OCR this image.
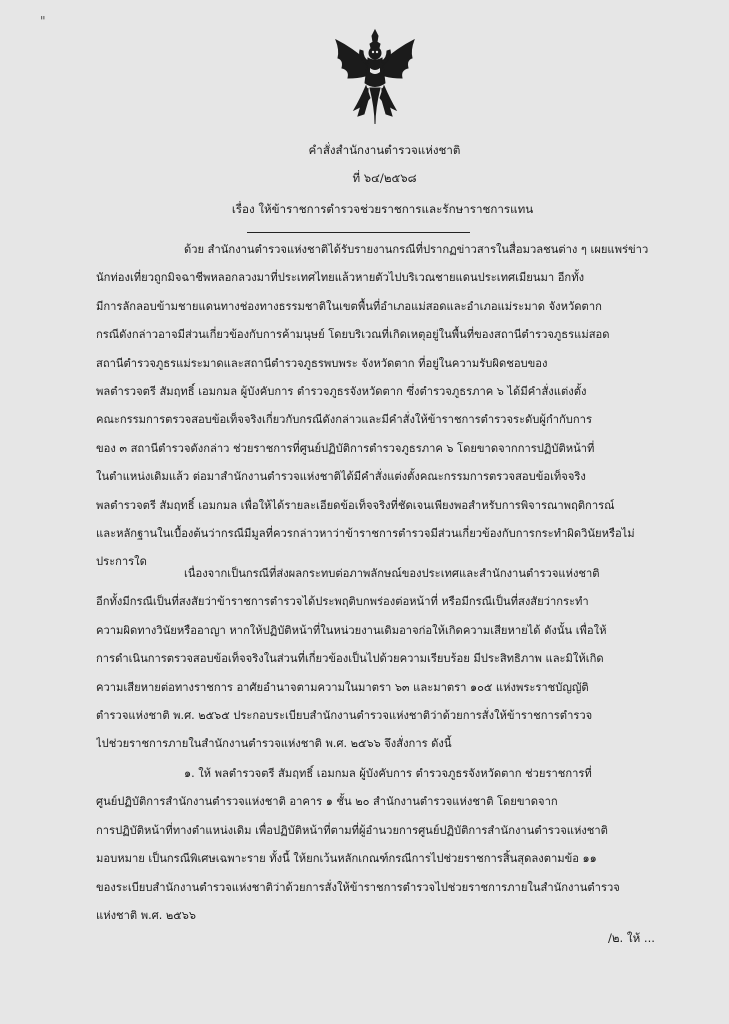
"
คำสั่งสำนักงานตำรวจแห่งชาติ
ที่ ๖๔/๒๕๖๘
เรื่อง ให้ข้าราชการตำรวจช่วยราชการและรักษาราชการแทน
ด้วย สำนักงานตำรวจแห่งชาติได้รับรายงานกรณีที่ปรากฏข่าวสารในสื่อมวลชนต่าง ๆ เผยแพร่ข่าว
นักท่องเที่ยวถูกมิจฉาชีพหลอกลวงมาที่ประเทศไทยแล้วหายตัวไปบริเวณชายแดนประเทศเมียนมา อีกทั้ง
มีการลักลอบข้ามชายแดนทางช่องทางธรรมชาติในเขตพื้นที่อำเภอแม่สอดและอำเภอแม่ระมาด จังหวัดตาก
กรณีดังกล่าวอาจมีส่วนเกี่ยวข้องกับการค้ามนุษย์ โดยบริเวณที่เกิดเหตุอยู่ในพื้นที่ของสถานีตำรวจภูธรแม่สอด
สถานีตำรวจภูธรแม่ระมาดและสถานีตำรวจภูธรพบพระ จังหวัดตาก ที่อยู่ในความรับผิดชอบของ
พลตำรวจตรี สัมฤทธิ์ เอมกมล ผู้บังคับการ ตำรวจภูธรจังหวัดตาก ซึ่งตำรวจภูธรภาค ๖ ได้มีคำสั่งแต่งตั้ง
คณะกรรมการตรวจสอบข้อเท็จจริงเกี่ยวกับกรณีดังกล่าวและมีคำสั่งให้ข้าราชการตำรวจระดับผู้กำกับการ
ของ ๓ สถานีตำรวจดังกล่าว ช่วยราชการที่ศูนย์ปฏิบัติการตำรวจภูธรภาค ๖ โดยขาดจากการปฏิบัติหน้าที่
ในตำแหน่งเดิมแล้ว ต่อมาสำนักงานตำรวจแห่งชาติได้มีคำสั่งแต่งตั้งคณะกรรมการตรวจสอบข้อเท็จจริง
พลตำรวจตรี สัมฤทธิ์ เอมกมล เพื่อให้ได้รายละเอียดข้อเท็จจริงที่ชัดเจนเพียงพอสำหรับการพิจารณาพฤติการณ์
และหลักฐานในเบื้องต้นว่ากรณีมีมูลที่ควรกล่าวหาว่าข้าราชการตำรวจมีส่วนเกี่ยวข้องกับการกระทำผิดวินัยหรือไม่
ประการใด
เนื่องจากเป็นกรณีที่ส่งผลกระทบต่อภาพลักษณ์ของประเทศและสำนักงานตำรวจแห่งชาติ
อีกทั้งมีกรณีเป็นที่สงสัยว่าข้าราชการตำรวจได้ประพฤติบกพร่องต่อหน้าที่ หรือมีกรณีเป็นที่สงสัยว่ากระทำ
ความผิดทางวินัยหรืออาญา หากให้ปฏิบัติหน้าที่ในหน่วยงานเดิมอาจก่อให้เกิดความเสียหายได้ ดังนั้น เพื่อให้
การดำเนินการตรวจสอบข้อเท็จจริงในส่วนที่เกี่ยวข้องเป็นไปด้วยความเรียบร้อย มีประสิทธิภาพ และมิให้เกิด
ความเสียหายต่อทางราชการ อาศัยอำนาจตามความในมาตรา ๖๓ และมาตรา ๑๐๕ แห่งพระราชบัญญัติ
ตำรวจแห่งชาติ พ.ศ. ๒๕๖๕ ประกอบระเบียบสำนักงานตำรวจแห่งชาติว่าด้วยการสั่งให้ข้าราชการตำรวจ
ไปช่วยราชการภายในสำนักงานตำรวจแห่งชาติ พ.ศ. ๒๕๖๖ จึงสั่งการ ดังนี้
๑. ให้ พลตำรวจตรี สัมฤทธิ์ เอมกมล ผู้บังคับการ ตำรวจภูธรจังหวัดตาก ช่วยราชการที่
ศูนย์ปฏิบัติการสำนักงานตำรวจแห่งชาติ อาคาร ๑ ชั้น ๒๐ สำนักงานตำรวจแห่งชาติ โดยขาดจาก
การปฏิบัติหน้าที่ทางตำแหน่งเดิม เพื่อปฏิบัติหน้าที่ตามที่ผู้อำนวยการศูนย์ปฏิบัติการสำนักงานตำรวจแห่งชาติ
มอบหมาย เป็นกรณีพิเศษเฉพาะราย ทั้งนี้ ให้ยกเว้นหลักเกณฑ์กรณีการไปช่วยราชการสิ้นสุดลงตามข้อ ๑๑
ของระเบียบสำนักงานตำรวจแห่งชาติว่าด้วยการสั่งให้ข้าราชการตำรวจไปช่วยราชการภายในสำนักงานตำรวจ
แห่งชาติ พ.ศ. ๒๕๖๖
/๒. ให้ ...
